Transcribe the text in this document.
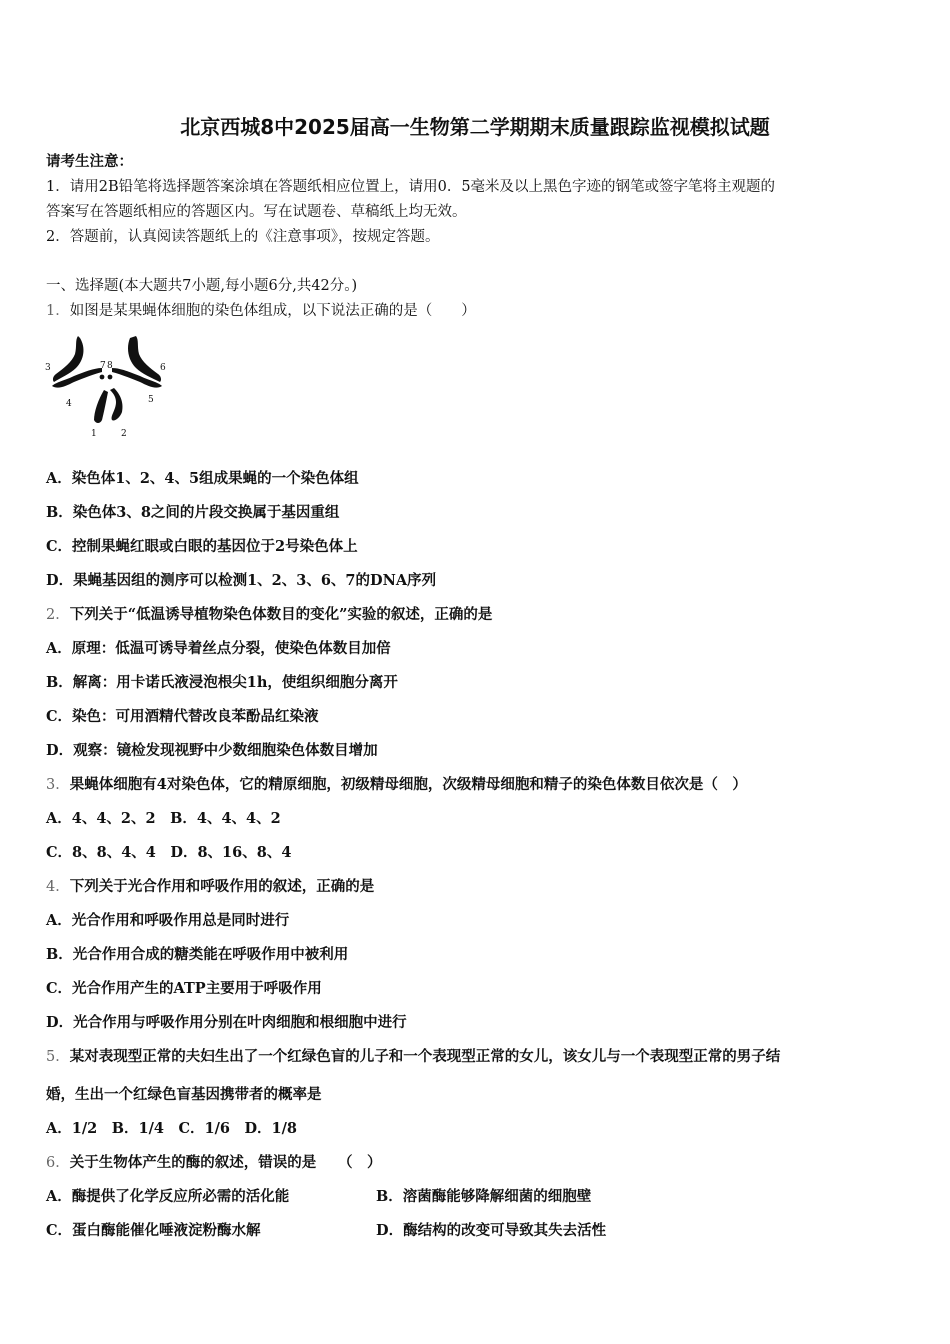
北京西城8中2025届高一生物第二学期期末质量跟踪监视模拟试题
请考生注意：
1．请用2B铅笔将选择题答案涂填在答题纸相应位置上，请用0．5毫米及以上黑色字迹的钢笔或签字笔将主观题的
答案写在答题纸相应的答题区内。写在试题卷、草稿纸上均无效。
2．答题前，认真阅读答题纸上的《注意事项》，按规定答题。
一、选择题(本大题共7小题,每小题6分,共42分。)
1．如图是某果蝇体细胞的染色体组成，以下说法正确的是（　　）
3	7 8	6
4	5
1	2
A．染色体1、2、4、5组成果蝇的一个染色体组
B．染色体3、8之间的片段交换属于基因重组
C．控制果蝇红眼或白眼的基因位于2号染色体上
D．果蝇基因组的测序可以检测1、2、3、6、7的DNA序列
2．下列关于“低温诱导植物染色体数目的变化”实验的叙述，正确的是
A．原理：低温可诱导着丝点分裂，使染色体数目加倍
B．解离：用卡诺氏液浸泡根尖1h，使组织细胞分离开
C．染色：可用酒精代替改良苯酚品红染液
D．观察：镜检发现视野中少数细胞染色体数目增加
3．果蝇体细胞有4对染色体，它的精原细胞，初级精母细胞，次级精母细胞和精子的染色体数目依次是（　）
A．4、4、2、2　B．4、4、4、2
C．8、8、4、4　D．8、16、8、4
4．下列关于光合作用和呼吸作用的叙述，正确的是
A．光合作用和呼吸作用总是同时进行
B．光合作用合成的糖类能在呼吸作用中被利用
C．光合作用产生的ATP主要用于呼吸作用
D．光合作用与呼吸作用分别在叶肉细胞和根细胞中进行
5．某对表现型正常的夫妇生出了一个红绿色盲的儿子和一个表现型正常的女儿，该女儿与一个表现型正常的男子结
婚，生出一个红绿色盲基因携带者的概率是
A．1/2　B．1/4　C．1/6　D．1/8
6．关于生物体产生的酶的叙述，错误的是　　（　）
A．酶提供了化学反应所必需的活化能	B．溶菌酶能够降解细菌的细胞壁
C．蛋白酶能催化唾液淀粉酶水解	D．酶结构的改变可导致其失去活性
